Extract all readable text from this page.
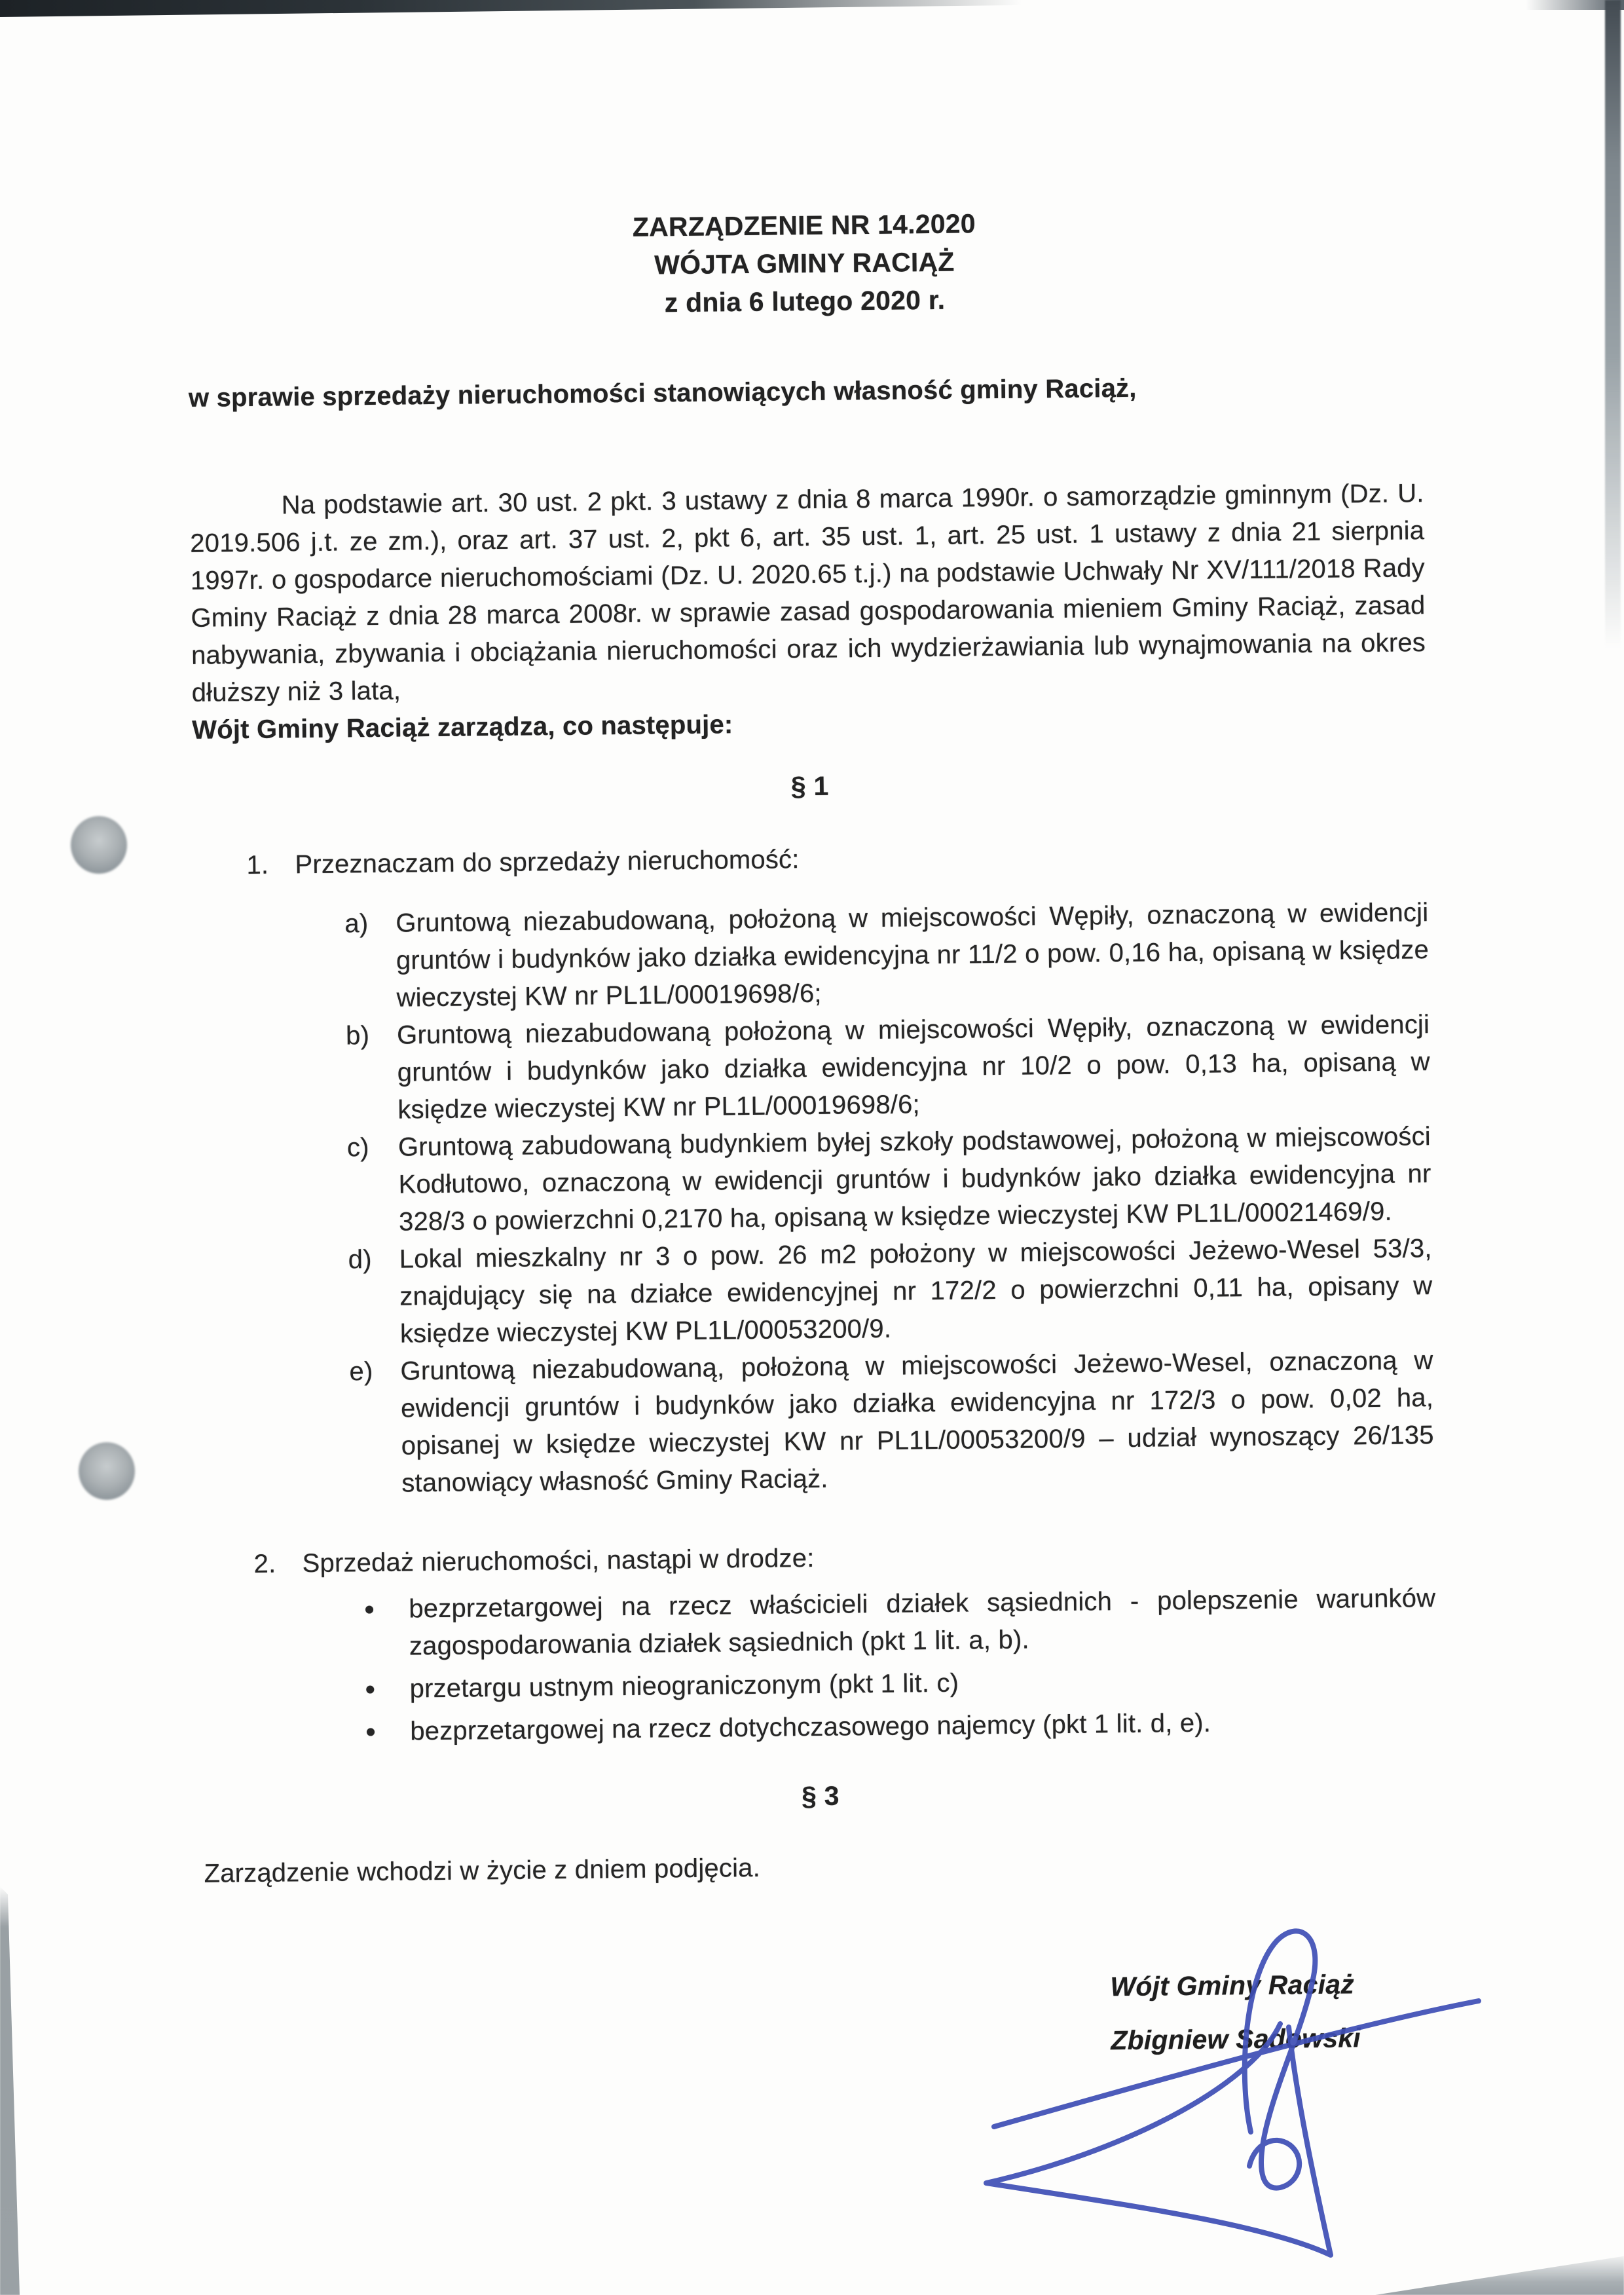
ZARZĄDZENIE NR 14.2020
WÓJTA GMINY RACIĄŻ
z dnia 6 lutego 2020 r.
w sprawie sprzedaży nieruchomości stanowiących własność gminy Raciąż,

Na podstawie art. 30 ust. 2 pkt. 3 ustawy z dnia 8 marca 1990r. o samorządzie gminnym (Dz. U. 2019.506 j.t. ze zm.), oraz art. 37 ust. 2, pkt 6, art. 35 ust. 1, art. 25 ust. 1 ustawy z dnia 21 sierpnia 1997r. o gospodarce nieruchomościami (Dz. U. 2020.65 t.j.) na podstawie Uchwały Nr XV/111/2018 Rady Gminy Raciąż z dnia 28 marca 2008r. w sprawie zasad gospodarowania mieniem Gminy Raciąż, zasad nabywania, zbywania i obciążania nieruchomości oraz ich wydzierżawiania lub wynajmowania na okres dłuższy niż 3 lata,

Wójt Gminy Raciąż zarządza, co następuje:

§ 1
1. Przeznaczam do sprzedaży nieruchomość:
a)	Gruntową niezabudowaną, położoną w miejscowości Wępiły, oznaczoną w ewidencji gruntów i budynków jako działka ewidencyjna nr 11/2 o pow. 0,16 ha, opisaną w księdze wieczystej KW nr PL1L/00019698/6;
b)	Gruntową niezabudowaną położoną w miejscowości Wępiły, oznaczoną w ewidencji gruntów i budynków jako działka ewidencyjna nr 10/2 o pow. 0,13 ha, opisaną w księdze wieczystej KW nr PL1L/00019698/6;
c)	Gruntową zabudowaną budynkiem byłej szkoły podstawowej, położoną w miejscowości Kodłutowo, oznaczoną w ewidencji gruntów i budynków jako działka ewidencyjna nr 328/3 o powierzchni 0,2170 ha, opisaną w księdze wieczystej KW PL1L/00021469/9.
d)	Lokal mieszkalny nr 3 o pow. 26 m2 położony w miejscowości Jeżewo-Wesel 53/3, znajdujący się na działce ewidencyjnej nr 172/2 o powierzchni 0,11 ha, opisany w księdze wieczystej KW PL1L/00053200/9.
e)	Gruntową niezabudowaną, położoną w miejscowości Jeżewo-Wesel, oznaczoną w ewidencji gruntów i budynków jako działka ewidencyjna nr 172/3 o pow. 0,02 ha, opisanej w księdze wieczystej KW nr PL1L/00053200/9 – udział wynoszący 26/135 stanowiący własność Gminy Raciąż.
2. Sprzedaż nieruchomości, nastąpi w drodze:
•	bezprzetargowej na rzecz właścicieli działek sąsiednich - polepszenie warunków zagospodarowania działek sąsiednich (pkt 1 lit. a, b).
•	przetargu ustnym nieograniczonym (pkt 1 lit. c)
•	bezprzetargowej na rzecz dotychczasowego najemcy (pkt 1 lit. d, e).
§ 3

Zarządzenie wchodzi w życie z dniem podjęcia.

Wójt Gminy Raciąż
Zbigniew Sadowski
